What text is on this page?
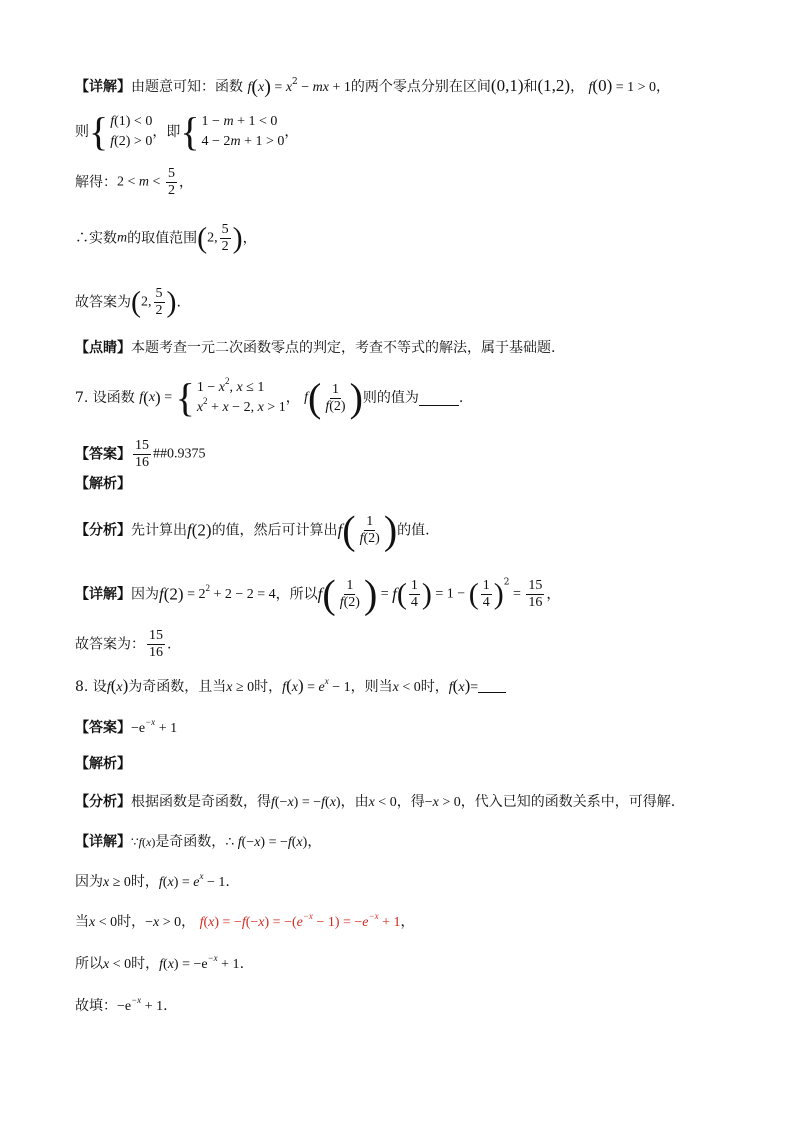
【详解】由题意可知：函数 $f(x) = x^2$ − mx + 1的两个零点分别在区间(0,1)和(1,2)， f(0) = 1 > 0，
则 { f(1) < 0
f(2) > 0
，即 { 1 − m + 1 < 0
4 − 2m + 1 > 0
，
解得：$2 < m < \frac{5}{2}$ ，
∴实数m的取值范围(2, $\frac{5}{2}$ )，
故答案为(2, $\frac{5}{2}$ ).
【点睛】本题考查一元二次函数零点的判定，考查不等式的解法，属于基础题.
7. 设函数 f(x) = { $1 - x^2$, x ≤ 1
$x^2 + x - 2$, x > 1
， $f( \frac{1}{f(2)}$ )则的值为	.
【答案】 $\frac{15}{16}$ ##0.9375
【解析】
【分析】先计算出f(2)的值，然后可计算出$f( \frac{1}{f(2)}$ )的值.
【详解】因为$f(2) = 2^2 + 2 - 2 = 4$，所以$f( \frac{1}{f(2)}$ ) = $f( \frac{1}{4}$ ) = 1 − ( $\frac{1}{4} )^2 = \frac{15}{16}$ ，
故答案为： $\frac{15}{16}$ .
8. 设f(x)为奇函数，且当x ≥ 0时，$f(x) = e^x - 1$，则当x < 0时，f(x)=
【答案】$-e^{-x} + 1$
【解析】
【分析】根据函数是奇函数，得f(−x) = −f(x)，由x < 0，得−x > 0，代入已知的函数关系中，可得解.
【详解】∵f(x)是奇函数，∴ f(−x) = −f(x)，
因为x ≥ 0时，$f(x) = e^x - 1$.
当x < 0时，−x > 0， $f(x) = -f(-x) = -(e^{-x} - 1) = -e^{-x} + 1$，
所以x < 0时，$f(x) = -e^{-x} + 1$.
故填：$-e^{-x} + 1$.
